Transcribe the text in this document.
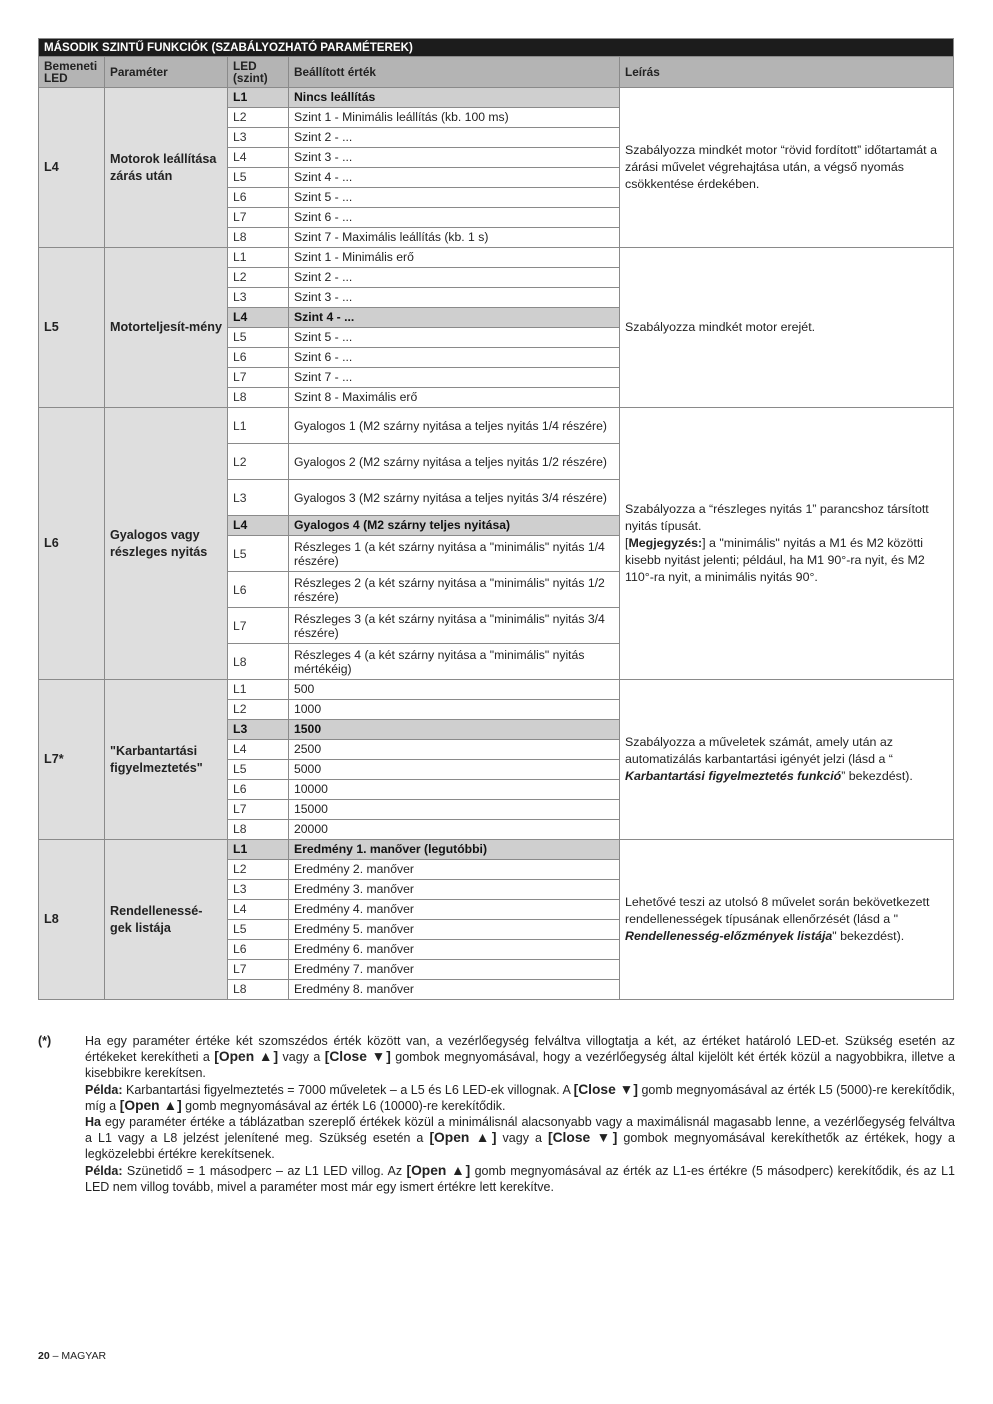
MÁSODIK SZINTŰ FUNKCIÓK (SZABÁLYOZHATÓ PARAMÉTEREK)				
Bemeneti LED	Paraméter	LED (szint)	Beállított érték	Leírás
L4	Motorok leállítása zárás után	L1	Nincs leállítás	Szabályozza mindkét motor “rövid fordított” időtartamát a zárási művelet végrehajtása után, a végső nyomás csökkentése érdekében.
		L2	Szint 1 - Minimális leállítás (kb. 100 ms)	
		L3	Szint 2 - ...	
		L4	Szint 3 - ...	
		L5	Szint 4 - ...	
		L6	Szint 5 - ...	
		L7	Szint 6 - ...	
		L8	Szint 7 - Maximális leállítás (kb. 1 s)	
L5	Motorteljesít-mény	L1	Szint 1 - Minimális erő	Szabályozza mindkét motor erejét.
		L2	Szint 2 - ...	
		L3	Szint 3 - ...	
		L4	Szint 4 - ...	
		L5	Szint 5 - ...	
		L6	Szint 6 - ...	
		L7	Szint 7 - ...	
		L8	Szint 8 - Maximális erő	
L6	Gyalogos vagy részleges nyitás	L1	Gyalogos 1 (M2 szárny nyitása a teljes nyitás 1/4 részére)	Szabályozza a “részleges nyitás 1” parancshoz társított nyitás típusát.
[Megjegyzés:] a "minimális" nyitás a M1 és M2 közötti kisebb nyitást jelenti; például, ha M1 90°-ra nyit, és M2 110°-ra nyit, a minimális nyitás 90°.
		L2	Gyalogos 2 (M2 szárny nyitása a teljes nyitás 1/2 részére)	
		L3	Gyalogos 3 (M2 szárny nyitása a teljes nyitás 3/4 részére)	
		L4	Gyalogos 4 (M2 szárny teljes nyitása)	
		L5	Részleges 1 (a két szárny nyitása a "minimális" nyitás 1/4 részére)	
		L6	Részleges 2 (a két szárny nyitása a "minimális" nyitás 1/2 részére)	
		L7	Részleges 3 (a két szárny nyitása a "minimális" nyitás 3/4 részére)	
		L8	Részleges 4 (a két szárny nyitása a "minimális" nyitás mértékéig)	
L7*	"Karbantartási figyelmeztetés"	L1	500	Szabályozza a műveletek számát, amely után az automatizálás karbantartási igényét jelzi (lásd a “ Karbantartási figyelmeztetés funkció” bekezdést).
		L2	1000	
		L3	1500	
		L4	2500	
		L5	5000	
		L6	10000	
		L7	15000	
		L8	20000	
L8	Rendellenessé-gek listája	L1	Eredmény 1. manőver (legutóbbi)	Lehetővé teszi az utolsó 8 művelet során bekövetkezett rendellenességek típusának ellenőrzését (lásd a " Rendellenesség-előzmények listája" bekezdést).
		L2	Eredmény 2. manőver	
		L3	Eredmény 3. manőver	
		L4	Eredmény 4. manőver	
		L5	Eredmény 5. manőver	
		L6	Eredmény 6. manőver	
		L7	Eredmény 7. manőver	
		L8	Eredmény 8. manőver	
(*)	Ha egy paraméter értéke két szomszédos érték között van, a vezérlőegység felváltva villogtatja a két, az értéket határoló LED-et. Szükség esetén az értékeket kerekítheti a [Open ▲] vagy a [Close ▼] gombok megnyomásával, hogy a vezérlőegység által kijelölt két érték közül a nagyobbikra, illetve a kisebbikre kerekítsen.

Példa: Karbantartási figyelmeztetés = 7000 műveletek – a L5 és L6 LED-ek villognak. A [Close ▼] gomb megnyomásával az érték L5 (5000)-re kerekítődik, míg a [Open ▲] gomb megnyomásával az érték L6 (10000)-re kerekítődik.

Ha egy paraméter értéke a táblázatban szereplő értékek közül a minimálisnál alacsonyabb vagy a maximálisnál magasabb lenne, a vezérlőegység felváltva a L1 vagy a L8 jelzést jelenítené meg. Szükség esetén a [Open ▲] vagy a [Close ▼] gombok megnyomásával kerekíthetők az értékek, hogy a legközelebbi értékre kerekítsenek.

Példa: Szünetidő = 1 másodperc – az L1 LED villog. Az [Open ▲] gomb megnyomásával az érték az L1-es értékre (5 másodperc) kerekítődik, és az L1 LED nem villog tovább, mivel a paraméter most már egy ismert értékre lett kerekítve.

20 – MAGYAR
